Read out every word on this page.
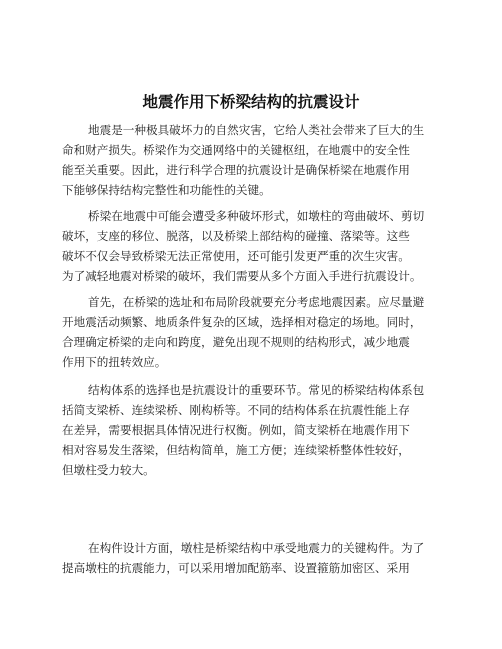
地震作用下桥梁结构的抗震设计
地震是一种极具破坏力的自然灾害，它给人类社会带来了巨大的生
命和财产损失。桥梁作为交通网络中的关键枢纽，在地震中的安全性
能至关重要。因此，进行科学合理的抗震设计是确保桥梁在地震作用
下能够保持结构完整性和功能性的关键。
桥梁在地震中可能会遭受多种破坏形式，如墩柱的弯曲破坏、剪切
破坏，支座的移位、脱落，以及桥梁上部结构的碰撞、落梁等。这些
破坏不仅会导致桥梁无法正常使用，还可能引发更严重的次生灾害。
为了减轻地震对桥梁的破坏，我们需要从多个方面入手进行抗震设计。
首先，在桥梁的选址和布局阶段就要充分考虑地震因素。应尽量避
开地震活动频繁、地质条件复杂的区域，选择相对稳定的场地。同时，
合理确定桥梁的走向和跨度，避免出现不规则的结构形式，减少地震
作用下的扭转效应。
结构体系的选择也是抗震设计的重要环节。常见的桥梁结构体系包
括简支梁桥、连续梁桥、刚构桥等。不同的结构体系在抗震性能上存
在差异，需要根据具体情况进行权衡。例如，简支梁桥在地震作用下
相对容易发生落梁，但结构简单，施工方便；连续梁桥整体性较好，
但墩柱受力较大。
在构件设计方面，墩柱是桥梁结构中承受地震力的关键构件。为了
提高墩柱的抗震能力，可以采用增加配筋率、设置箍筋加密区、采用
